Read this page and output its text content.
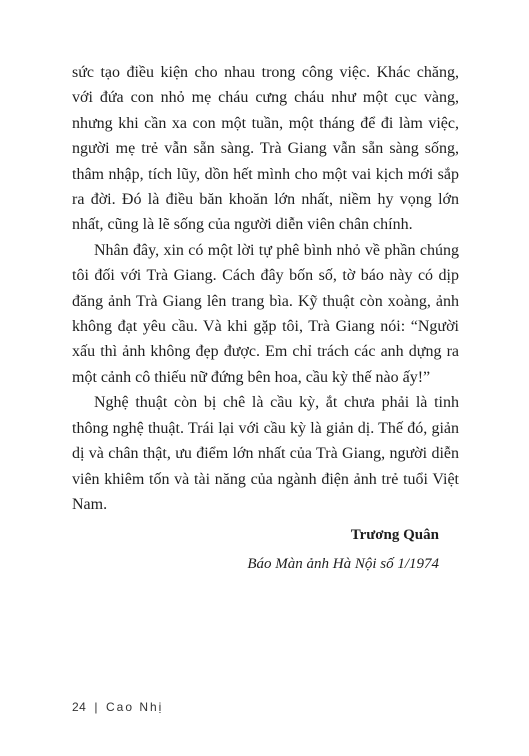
sức tạo điều kiện cho nhau trong công việc. Khác chăng, với đứa con nhỏ mẹ cháu cưng cháu như một cục vàng, nhưng khi cần xa con một tuần, một tháng để đi làm việc, người mẹ trẻ vẫn sẵn sàng. Trà Giang vẫn sẵn sàng sống, thâm nhập, tích lũy, dồn hết mình cho một vai kịch mới sắp ra đời. Đó là điều băn khoăn lớn nhất, niềm hy vọng lớn nhất, cũng là lẽ sống của người diễn viên chân chính.

Nhân đây, xin có một lời tự phê bình nhỏ về phần chúng tôi đối với Trà Giang. Cách đây bốn số, tờ báo này có dịp đăng ảnh Trà Giang lên trang bìa. Kỹ thuật còn xoàng, ảnh không đạt yêu cầu. Và khi gặp tôi, Trà Giang nói: “Người xấu thì ảnh không đẹp được. Em chỉ trách các anh dựng ra một cảnh cô thiếu nữ đứng bên hoa, cầu kỳ thế nào ấy!”

Nghệ thuật còn bị chê là cầu kỳ, ắt chưa phải là tinh thông nghệ thuật. Trái lại với cầu kỳ là giản dị. Thế đó, giản dị và chân thật, ưu điểm lớn nhất của Trà Giang, người diễn viên khiêm tốn và tài năng của ngành điện ảnh trẻ tuổi Việt Nam.

Trương Quân
Báo Màn ảnh Hà Nội số 1/1974
24 | Cao Nhị
